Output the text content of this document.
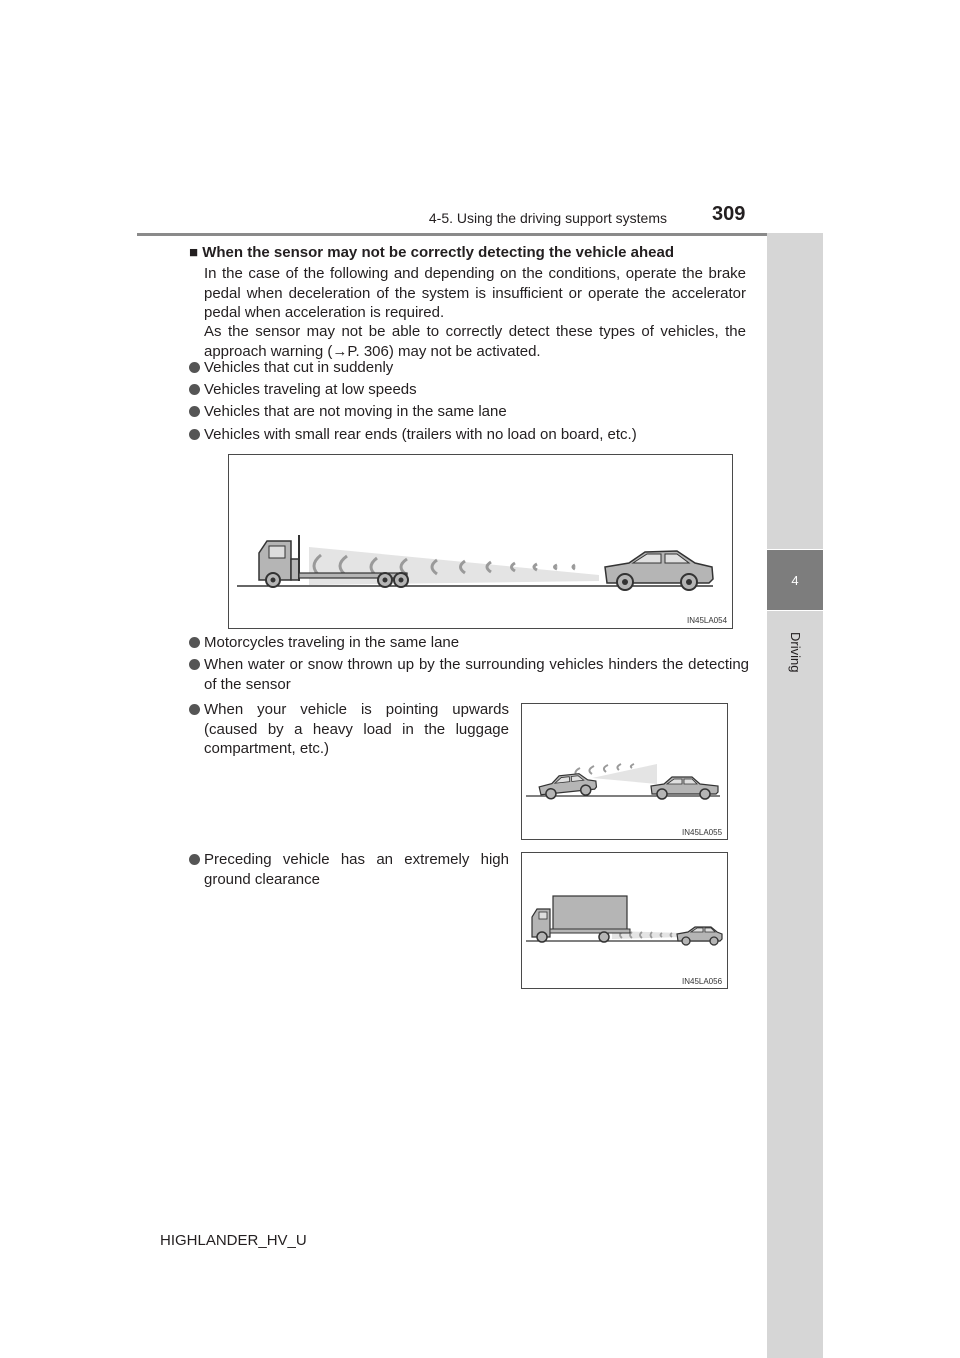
4-5. Using the driving support systems 309
4
Driving
■ When the sensor may not be correctly detecting the vehicle ahead
In the case of the following and depending on the conditions, operate the brake pedal when deceleration of the system is insufficient or operate the accelerator pedal when acceleration is required.
As the sensor may not be able to correctly detect these types of vehicles, the approach warning (→P. 306) may not be activated.
Vehicles that cut in suddenly
Vehicles traveling at low speeds
Vehicles that are not moving in the same lane
Vehicles with small rear ends (trailers with no load on board, etc.)
IN45LA054
Motorcycles traveling in the same lane
When water or snow thrown up by the surrounding vehicles hinders the detecting of the sensor
When your vehicle is pointing upwards (caused by a heavy load in the luggage compartment, etc.)
IN45LA055
Preceding vehicle has an extremely high ground clearance
IN45LA056
HIGHLANDER_HV_U
